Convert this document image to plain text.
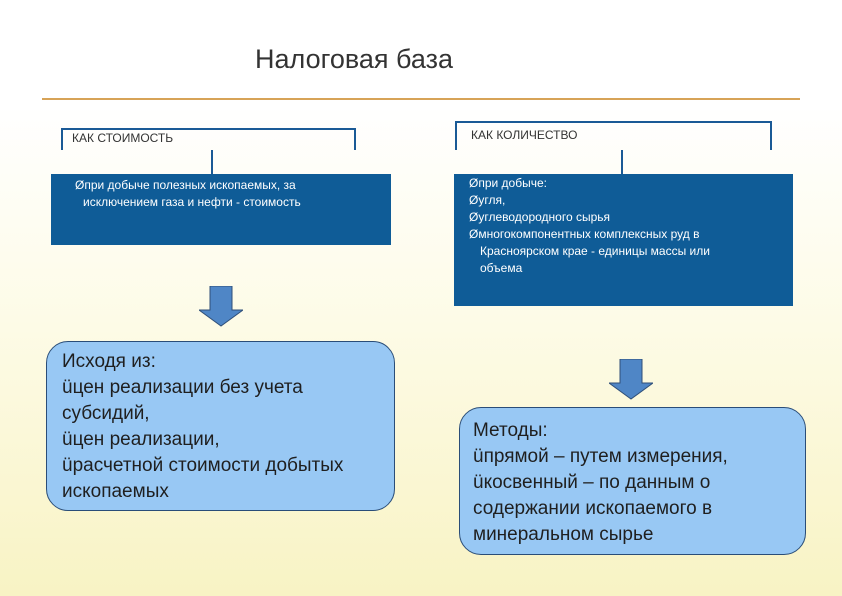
Налоговая база
КАК СТОИМОСТЬ
Øпри добыче полезных ископаемых, за
исключением газа и нефти - стоимость
Исходя из:
üцен реализации без учета
субсидий,
üцен реализации,
üрасчетной стоимости добытых
ископаемых
КАК КОЛИЧЕСТВО
Øпри добыче:
Øугля,
Øуглеводородного сырья
Øмногокомпонентных комплексных руд в
Красноярском крае - единицы массы или
объема
Методы:
üпрямой – путем измерения,
üкосвенный – по данным о
содержании ископаемого в
минеральном сырье
